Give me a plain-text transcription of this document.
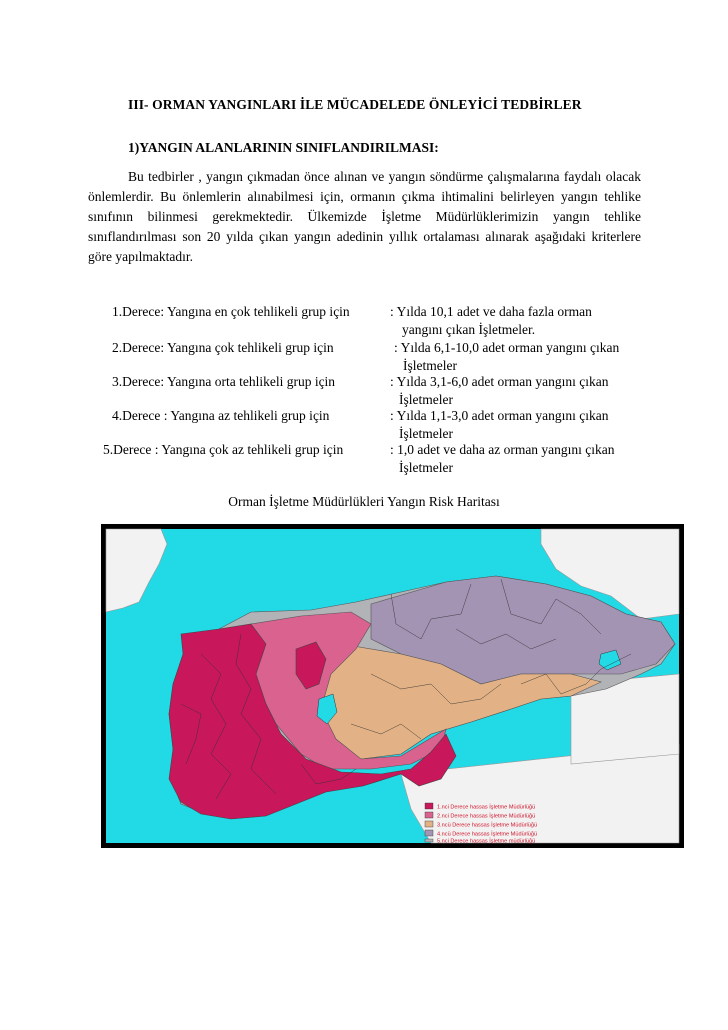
III- ORMAN YANGINLARI İLE MÜCADELEDE ÖNLEYİCİ TEDBİRLER
1)YANGIN ALANLARININ SINIFLANDIRILMASI:
Bu tedbirler , yangın çıkmadan önce alınan ve yangın söndürme çalışmalarına faydalı olacak önlemlerdir. Bu önlemlerin alınabilmesi için, ormanın çıkma ihtimalini belirleyen yangın tehlike sınıfının bilinmesi gerekmektedir. Ülkemizde İşletme Müdürlüklerimizin yangın tehlike sınıflandırılması son 20 yılda çıkan yangın adedinin yıllık ortalaması alınarak aşağıdaki kriterlere göre yapılmaktadır.
1.Derece: Yangına en çok tehlikeli grup için	: Yılda 10,1 adet ve daha fazla orman
yangını çıkan İşletmeler.
2.Derece: Yangına çok tehlikeli grup için	: Yılda 6,1-10,0 adet orman yangını çıkan
İşletmeler
3.Derece: Yangına orta tehlikeli grup için	: Yılda 3,1-6,0 adet orman yangını çıkan
İşletmeler
4.Derece : Yangına az tehlikeli grup için	: Yılda 1,1-3,0 adet orman yangını çıkan
İşletmeler
5.Derece : Yangına çok az tehlikeli grup için	: 1,0 adet ve daha az orman yangını çıkan
İşletmeler
Orman İşletme Müdürlükleri Yangın Risk Haritası
1.nci Derece hassas İşletme Müdürlüğü
2.nci Derece hassas İşletme Müdürlüğü
3.ncü Derece hassas İşletme Müdürlüğü
4.ncü Derece hassas İşletme Müdürlüğü
5.nci Derece hassas İşletme müdürlüğü
